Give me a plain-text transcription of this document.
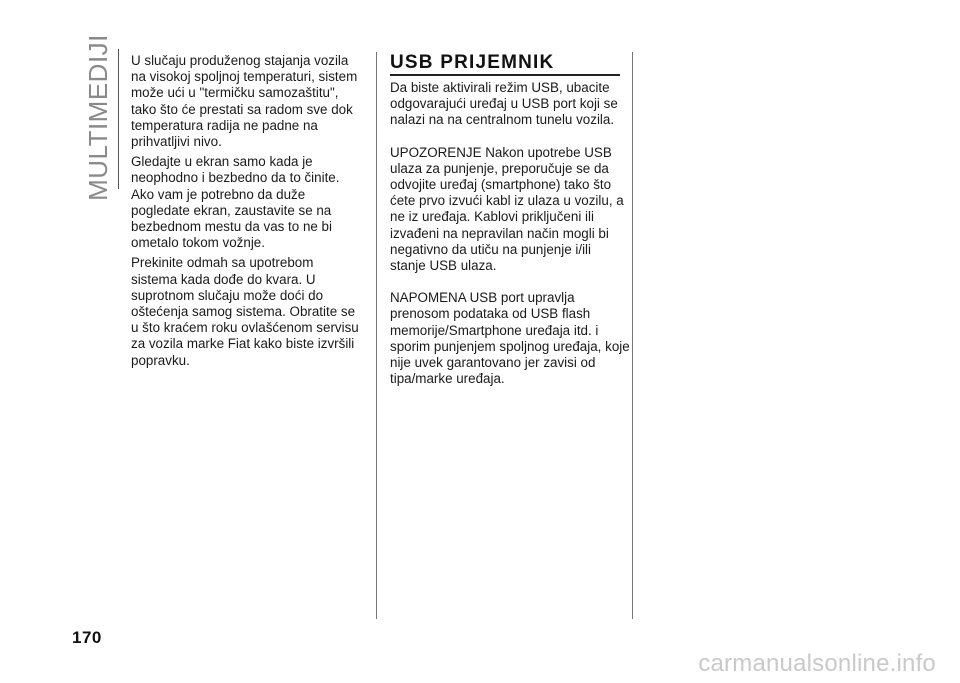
MULTIMEDIJI U slučaju produženog stajanja vozila na visokoj spoljnoj temperaturi, sistem može ući u "termičku samozaštitu", tako što će prestati sa radom sve dok temperatura radija ne padne na prihvatljivi nivo.

Gledajte u ekran samo kada je neophodno i bezbedno da to činite. Ako vam je potrebno da duže pogledate ekran, zaustavite se na bezbednom mestu da vas to ne bi ometalo tokom vožnje.

Prekinite odmah sa upotrebom sistema kada dođe do kvara. U suprotnom slučaju može doći do oštećenja samog sistema. Obratite se u što kraćem roku ovlašćenom servisu za vozila marke Fiat kako biste izvršili popravku.

USB PRIJEMNIK

Da biste aktivirali režim USB, ubacite odgovarajući uređaj u USB port koji se nalazi na na centralnom tunelu vozila.

UPOZORENJE Nakon upotrebe USB ulaza za punjenje, preporučuje se da odvojite uređaj (smartphone) tako što ćete prvo izvući kabl iz ulaza u vozilu, a ne iz uređaja. Kablovi priključeni ili izvađeni na nepravilan način mogli bi negativno da utiču na punjenje i/ili stanje USB ulaza.

NAPOMENA USB port upravlja prenosom podataka od USB flash memorije/Smartphone uređaja itd. i sporim punjenjem spoljnog uređaja, koje nije uvek garantovano jer zavisi od tipa/marke uređaja.

170

carmanualsonline.info
